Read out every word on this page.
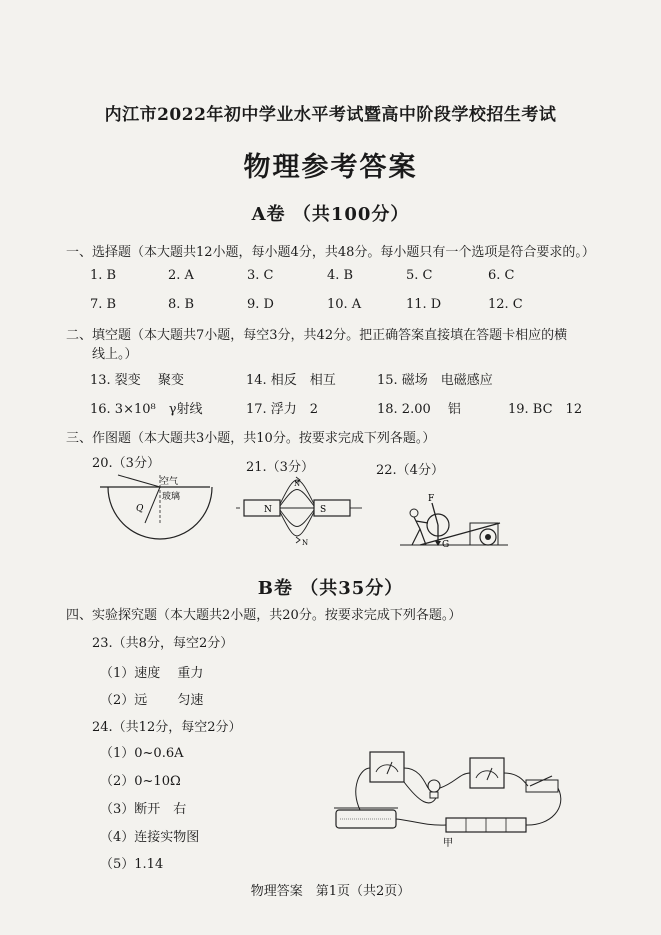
内江市2022年初中学业水平考试暨高中阶段学校招生考试
物理参考答案
A卷 （共100分）
一、选择题（本大题共12小题，每小题4分，共48分。每小题只有一个选项是符合要求的。）
1. B	2. A	3. C	4. B	5. C	6. C
7. B	8. B	9. D	10. A	11. D	12. C
二、填空题（本大题共7小题，每空3分，共42分。把正确答案直接填在答题卡相应的横
线上。）
13. 裂变　 聚变	14. 相反　相互	15. 磁场　电磁感应
16. 3×10⁸　γ射线	17. 浮力　2	18. 2.00　 铝	19. BC　12
三、作图题（本大题共3小题，共10分。按要求完成下列各题。）
20.（3分）	21.（3分）	22.（4分）
空气
玻璃
Q	N	S
N
N
F
G
B卷 （共35分）
四、实验探究题（本大题共2小题，共20分。按要求完成下列各题。）
23.（共8分，每空2分）
（1）速度　 重力
（2）远　　 匀速
24.（共12分，每空2分）
（1）0~0.6A
（2）0~10Ω
（3）断开　右
（4）连接实物图
（5）1.14
甲
物理答案　第1页（共2页）
